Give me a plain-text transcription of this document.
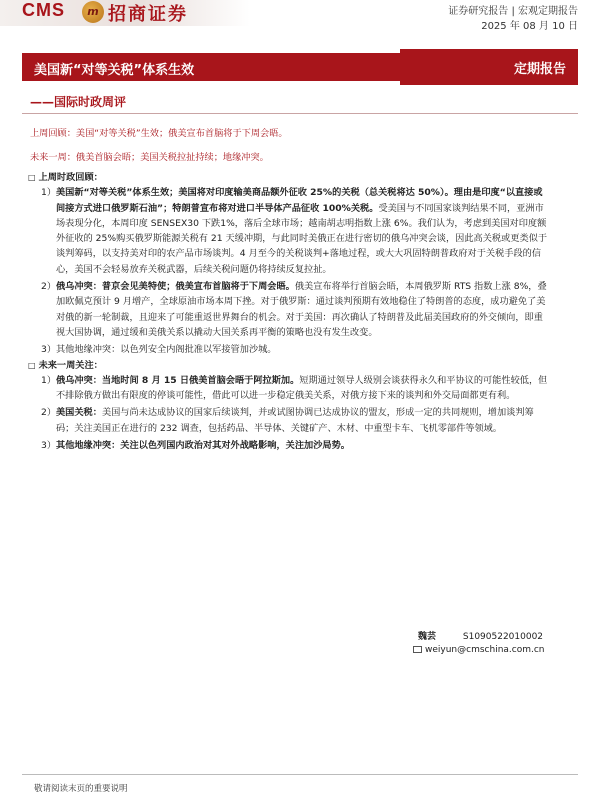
CMS	m 招商证券	证券研究报告 | 宏观定期报告
2025 年 08 月 10 日
美国新“对等关税”体系生效	定期报告
——国际时政周评
上周回顾：美国“对等关税”生效；俄美宣布首脑将于下周会晤。
未来一周：俄美首脑会晤；美国关税拉扯持续；地缘冲突。
□ 上周时政回顾：
1） 美国新“对等关税”体系生效；美国将对印度输美商品额外征收 25%的关税（总关税将达 50%）。理由是印度“以直接或间接方式进口俄罗斯石油”；特朗普宣布将对进口半导体产品征收 100%关税。受美国与不同国家谈判结果不同，亚洲市场表现分化，本周印度 SENSEX30 下跌1%，落后全球市场；越南胡志明指数上涨 6%。我们认为，考虑到美国对印度额外征收的 25%购买俄罗斯能源关税有 21 天缓冲期，与此同时美俄正在进行密切的俄乌冲突会谈，因此高关税或更类似于谈判筹码，以支持美对印的农产品市场谈判。4 月至今的关税谈判+落地过程，或大大巩固特朗普政府对于关税手段的信心，美国不会轻易放弃关税武器，后续关税问题仍将持续反复拉扯。
2） 俄乌冲突：普京会见美特使；俄美宣布首脑将于下周会晤。俄美宣布将举行首脑会晤，本周俄罗斯 RTS 指数上涨 8%，叠加欧佩克预计 9 月增产，全球原油市场本周下挫。对于俄罗斯：通过谈判预期有效地稳住了特朗普的态度，成功避免了美对俄的新一轮制裁，且迎来了可能重返世界舞台的机会。对于美国：再次确认了特朗普及此届美国政府的外交倾向，即重视大国协调，通过缓和美俄关系以撬动大国关系再平衡的策略也没有发生改变。
3） 其他地缘冲突：以色列安全内阁批准以军接管加沙城。
□ 未来一周关注：
1） 俄乌冲突：当地时间 8 月 15 日俄美首脑会晤于阿拉斯加。短期通过领导人级别会谈获得永久和平协议的可能性较低，但不排除俄方做出有限度的停谈可能性，借此可以进一步稳定俄美关系，对俄方接下来的谈判和外交局面都更有利。
2） 美国关税：美国与尚未达成协议的国家后续谈判，并或试图协调已达成协议的盟友，形成一定的共同规则，增加谈判筹码；关注美国正在进行的 232 调查，包括药品、半导体、关键矿产、木材、中重型卡车、飞机零部件等领域。
3） 其他地缘冲突：关注以色列国内政治对其对外战略影响，关注加沙局势。
魏芸	S1090522010002
weiyun@cmschina.com.cn
敬请阅读末页的重要说明
